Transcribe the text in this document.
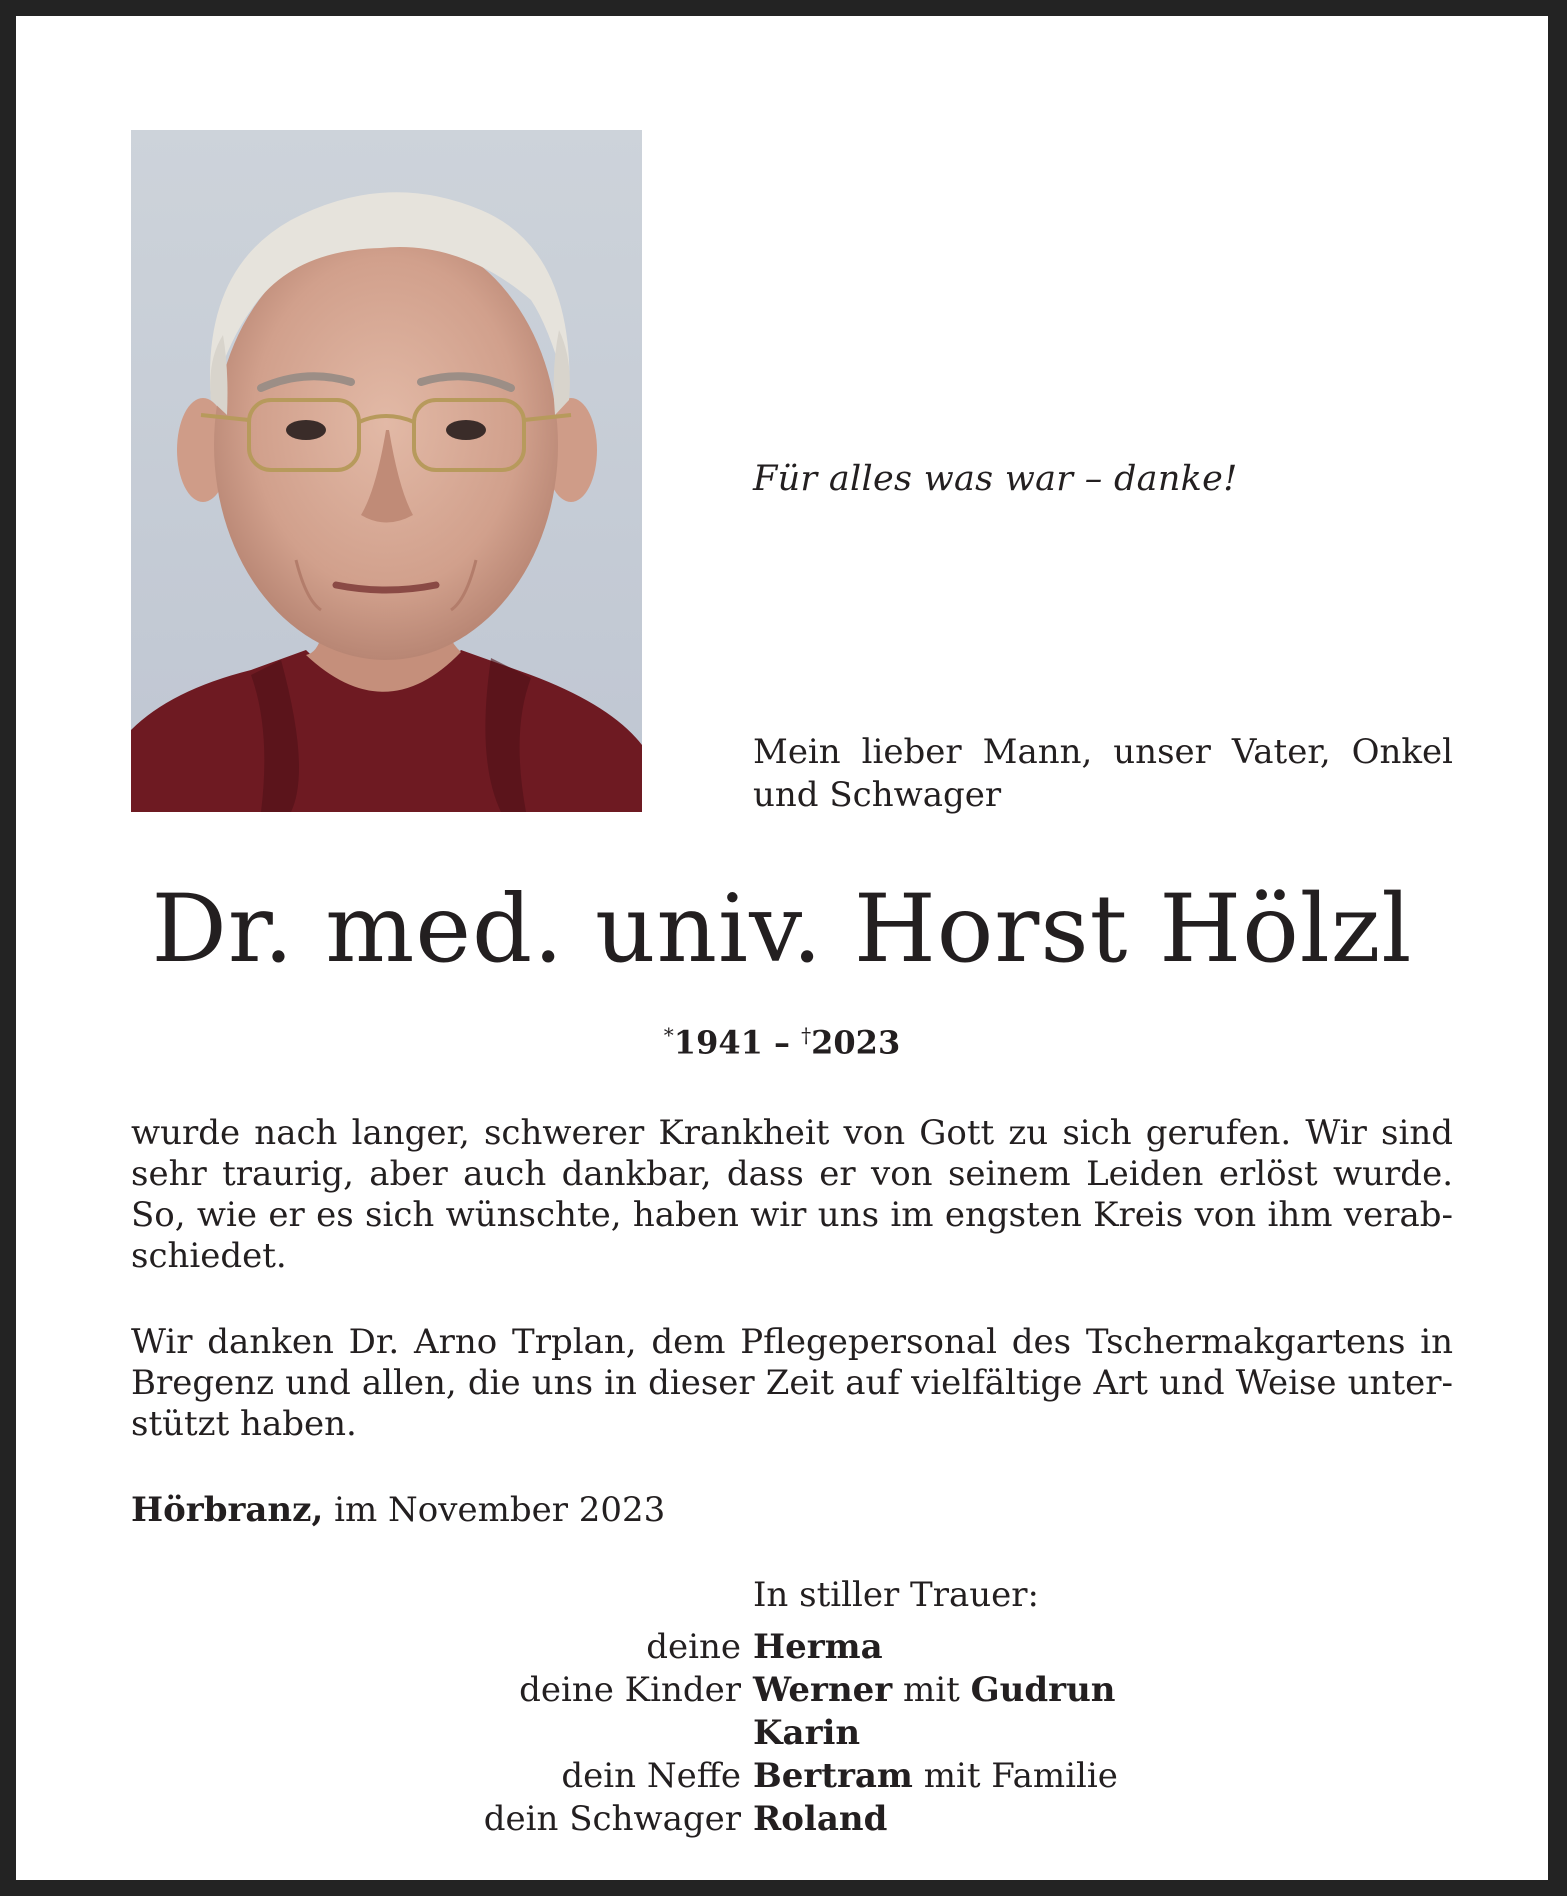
Für alles was war – danke!
Mein lieber Mann, unser Vater, Onkel und Schwager
Dr. med. univ. Horst Hölzl
*1941 – †2023
wurde nach langer, schwerer Krankheit von Gott zu sich gerufen. Wir sind sehr traurig, aber auch dankbar, dass er von seinem Leiden erlöst wurde. So, wie er es sich wünschte, haben wir uns im engsten Kreis von ihm verabschiedet.
Wir danken Dr. Arno Trplan, dem Pflegepersonal des Tschermakgartens in Bregenz und allen, die uns in dieser Zeit auf vielfältige Art und Weise unterstützt haben.
Hörbranz, im November 2023
In stiller Trauer:
deine Herma
deine Kinder Werner mit Gudrun
Karin
dein Neffe Bertram mit Familie
dein Schwager Roland
